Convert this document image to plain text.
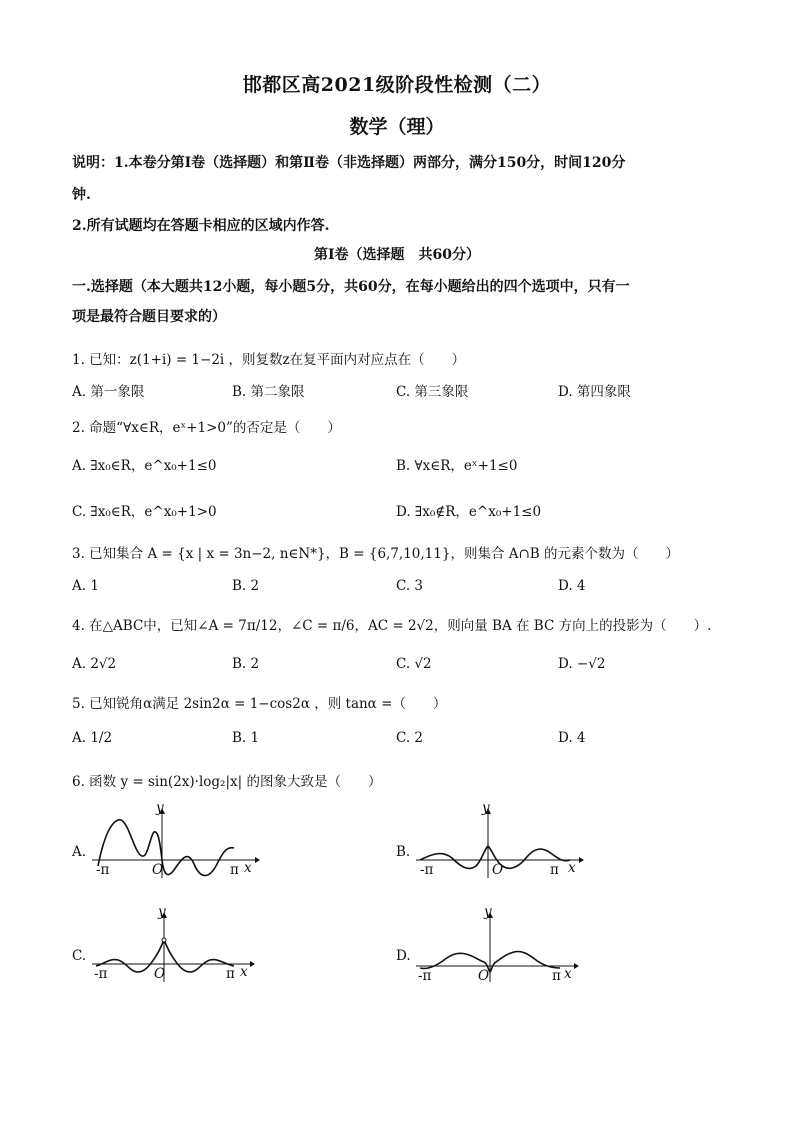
邯都区高2021级阶段性检测（二）
数学（理）
说明：1.本卷分第Ⅰ卷（选择题）和第Ⅱ卷（非选择题）两部分，满分150分，时间120分
钟.
2.所有试题均在答题卡相应的区域内作答.
第Ⅰ卷（选择题　共60分）
一.选择题（本大题共12小题，每小题5分，共60分，在每小题给出的四个选项中，只有一
项是最符合题目要求的）
1. 已知：z(1+i) = 1−2i ，则复数z在复平面内对应点在（　　）
A. 第一象限	B. 第二象限	C. 第三象限	D. 第四象限
2. 命题“∀x∈R，eˣ+1>0”的否定是（　　）
A. ∃x₀∈R，e^x₀+1≤0	B. ∀x∈R，eˣ+1≤0
C. ∃x₀∈R，e^x₀+1>0	D. ∃x₀∉R，e^x₀+1≤0
3. 已知集合 A = {x | x = 3n−2, n∈N*}，B = {6,7,10,11}，则集合 A∩B 的元素个数为（　　）
A. 1	B. 2	C. 3	D. 4
4. 在△ABC中，已知∠A = 7π/12，∠C = π/6，AC = 2√2，则向量 BA 在 BC 方向上的投影为（　　）.
A. 2√2	B. 2	C. √2	D. −√2
5. 已知锐角α满足 2sin2α = 1−cos2α ，则 tanα =（　　）
A. 1/2	B. 1	C. 2	D. 4
6. 函数 y = sin(2x)·log₂|x| 的图象大致是（　　）
A.
y
x
O
-π	π
B.
y
x
O
-π	π
C.
y
x
O
-π	π
D.
y
x
O
-π	π
